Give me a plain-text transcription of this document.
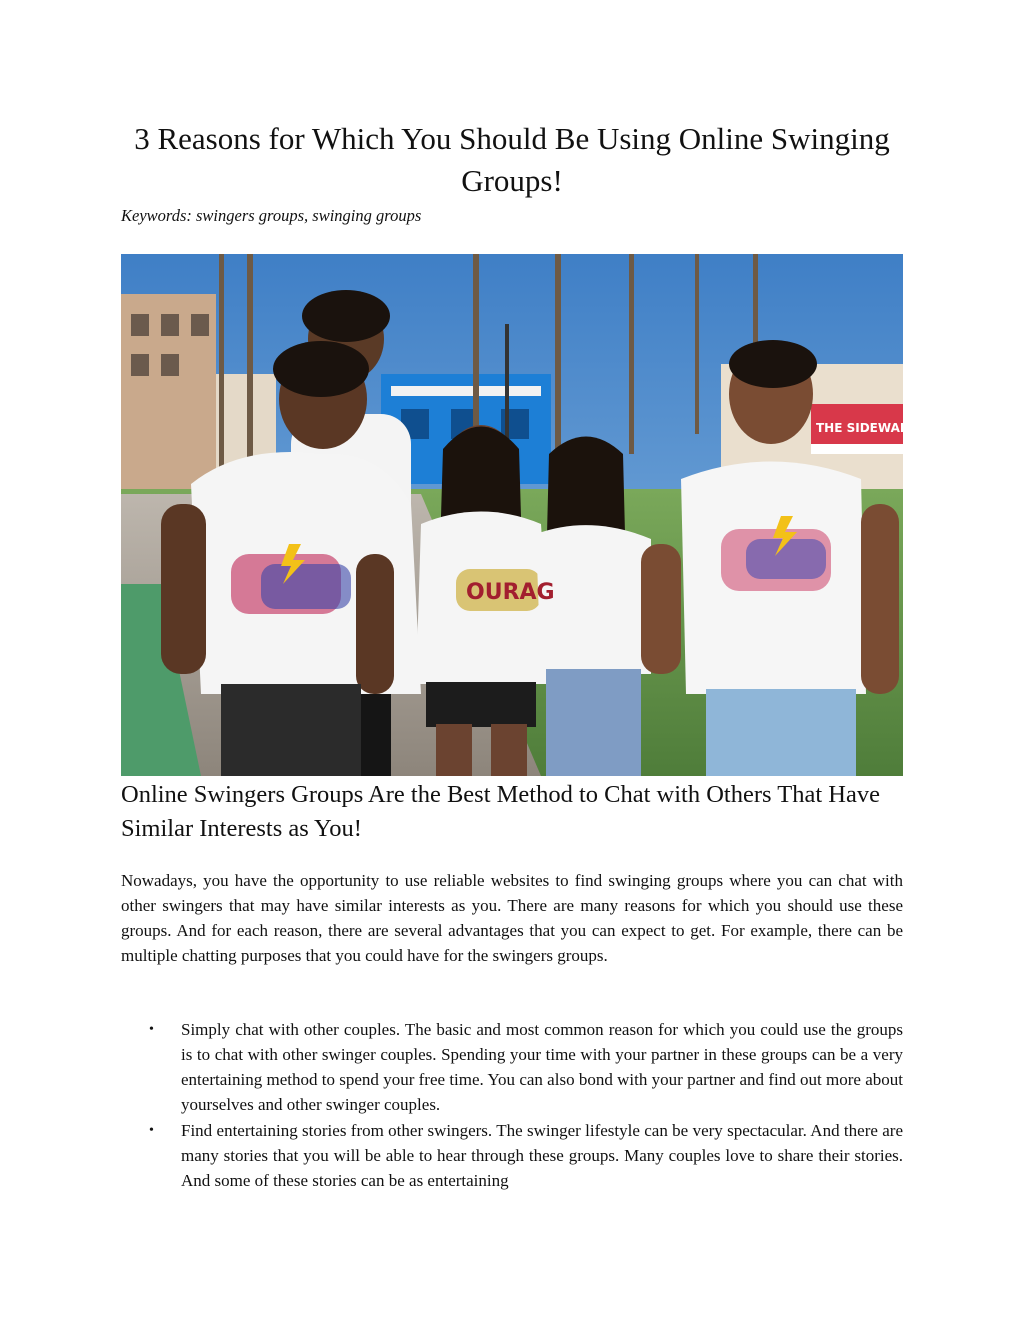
3 Reasons for Which You Should Be Using Online Swinging Groups!

Keywords: swingers groups, swinging groups

OURAG
THE SIDEWALK
Online Swingers Groups Are the Best Method to Chat with Others That Have Similar Interests as You!

Nowadays, you have the opportunity to use reliable websites to find swinging groups where you can chat with other swingers that may have similar interests as you. There are many reasons for which you should use these groups. And for each reason, there are several advantages that you can expect to get. For example, there can be multiple chatting purposes that you could have for the swingers groups.

• Simply chat with other couples. The basic and most common reason for which you could use the groups is to chat with other swinger couples. Spending your time with your partner in these groups can be a very entertaining method to spend your free time. You can also bond with your partner and find out more about yourselves and other swinger couples.
• Find entertaining stories from other swingers. The swinger lifestyle can be very spectacular. And there are many stories that you will be able to hear through these groups. Many couples love to share their stories. And some of these stories can be as entertaining
